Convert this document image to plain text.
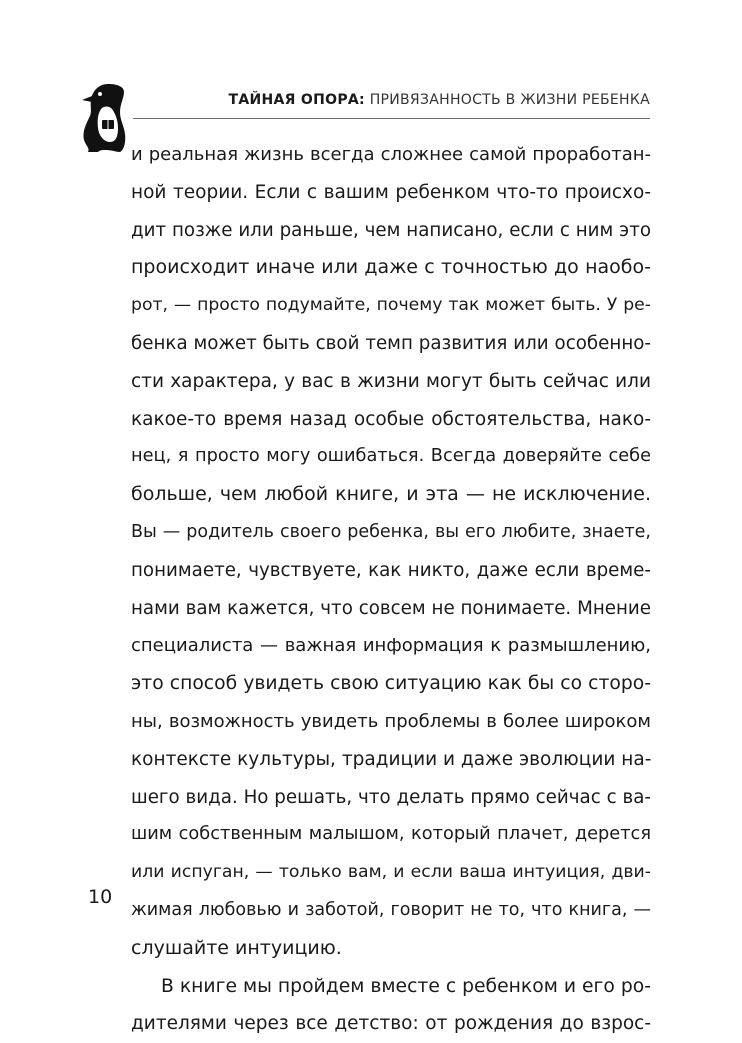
ТАЙНАЯ ОПОРА: ПРИВЯЗАННОСТЬ В ЖИЗНИ РЕБЕНКА
и реальная жизнь всегда сложнее самой проработан-
ной теории. Если с вашим ребенком что-то происхо-
дит позже или раньше, чем написано, если с ним это
происходит иначе или даже с точностью до наобо-
рот, — просто подумайте, почему так может быть. У ре-
бенка может быть свой темп развития или особенно-
сти характера, у вас в жизни могут быть сейчас или
какое-то время назад особые обстоятельства, нако-
нец, я просто могу ошибаться. Всегда доверяйте себе
больше, чем любой книге, и эта — не исключение.
Вы — родитель своего ребенка, вы его любите, знаете,
понимаете, чувствуете, как никто, даже если време-
нами вам кажется, что совсем не понимаете. Мнение
специалиста — важная информация к размышлению,
это способ увидеть свою ситуацию как бы со сторо-
ны, возможность увидеть проблемы в более широком
контексте культуры, традиции и даже эволюции на-
шего вида. Но решать, что делать прямо сейчас с ва-
шим собственным малышом, который плачет, дерется
или испуган, — только вам, и если ваша интуиция, дви-
жимая любовью и заботой, говорит не то, что книга, —
слушайте интуицию.
В книге мы пройдем вместе с ребенком и его ро-
дителями через все детство: от рождения до взрос-
10
